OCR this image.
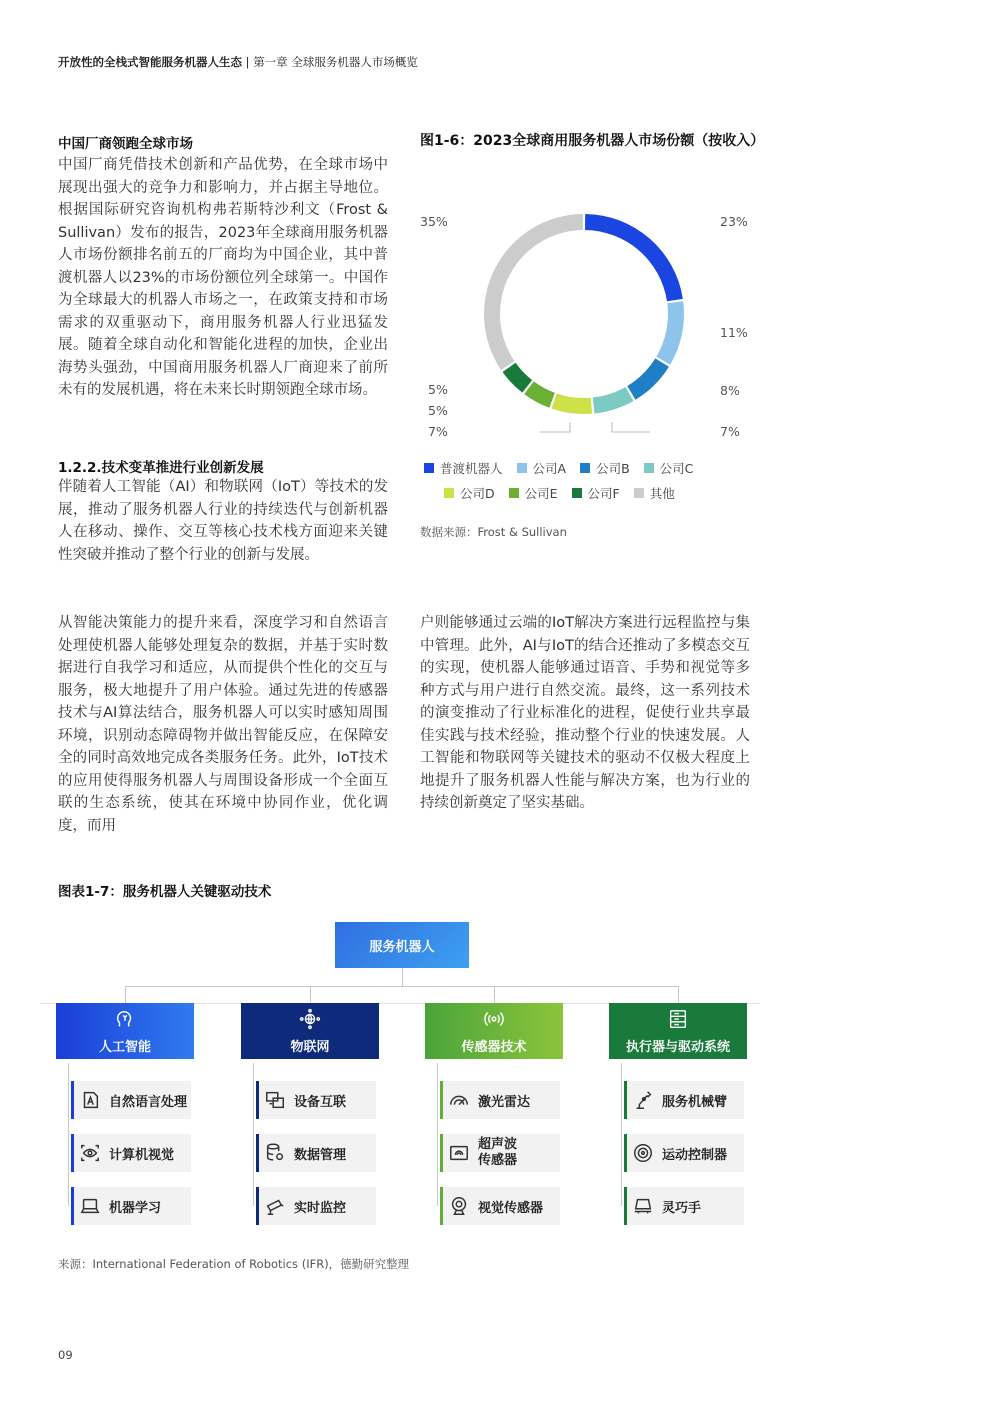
开放性的全栈式智能服务机器人生态 | 第一章 全球服务机器人市场概览
中国厂商领跑全球市场
中国厂商凭借技术创新和产品优势，在全球市场中展现出强大的竞争力和影响力，并占据主导地位。根据国际研究咨询机构弗若斯特沙利文（Frost & Sullivan）发布的报告，2023年全球商用服务机器人市场份额排名前五的厂商均为中国企业，其中普渡机器人以23%的市场份额位列全球第一。中国作为全球最大的机器人市场之一，在政策支持和市场需求的双重驱动下，商用服务机器人行业迅猛发展。随着全球自动化和智能化进程的加快，企业出海势头强劲，中国商用服务机器人厂商迎来了前所未有的发展机遇，将在未来长时期领跑全球市场。
1.2.2.技术变革推进行业创新发展
伴随着人工智能（AI）和物联网（IoT）等技术的发展，推动了服务机器人行业的持续迭代与创新机器人在移动、操作、交互等核心技术栈方面迎来关键性突破并推动了整个行业的创新与发展。
从智能决策能力的提升来看，深度学习和自然语言处理使机器人能够处理复杂的数据，并基于实时数据进行自我学习和适应，从而提供个性化的交互与服务，极大地提升了用户体验。通过先进的传感器技术与AI算法结合，服务机器人可以实时感知周围环境，识别动态障碍物并做出智能反应，在保障安全的同时高效地完成各类服务任务。此外，IoT技术的应用使得服务机器人与周围设备形成一个全面互联的生态系统，使其在环境中协同作业，优化调度，而用
户则能够通过云端的IoT解决方案进行远程监控与集中管理。此外，AI与IoT的结合还推动了多模态交互的实现，使机器人能够通过语音、手势和视觉等多种方式与用户进行自然交流。最终，这一系列技术的演变推动了行业标准化的进程，促使行业共享最佳实践与技术经验，推动整个行业的快速发展。人工智能和物联网等关键技术的驱动不仅极大程度上地提升了服务机器人性能与解决方案，也为行业的持续创新奠定了坚实基础。
图1-6：2023全球商用服务机器人市场份额（按收入）
23%
11%
8%
7%
7%
5%
5%
35%
普渡机器人 公司A 公司B 公司C
公司D 公司E 公司F 其他
数据来源：Frost & Sullivan
图表1-7：服务机器人关键驱动技术
服务机器人
人工智能	物联网	传感器技术	执行器与驱动系统
自然语言处理
计算机视觉
机器学习
设备互联
数据管理
实时监控
激光雷达
超声波
传感器
视觉传感器
服务机械臂
运动控制器
灵巧手
来源：International Federation of Robotics (IFR)，德勤研究整理
09
